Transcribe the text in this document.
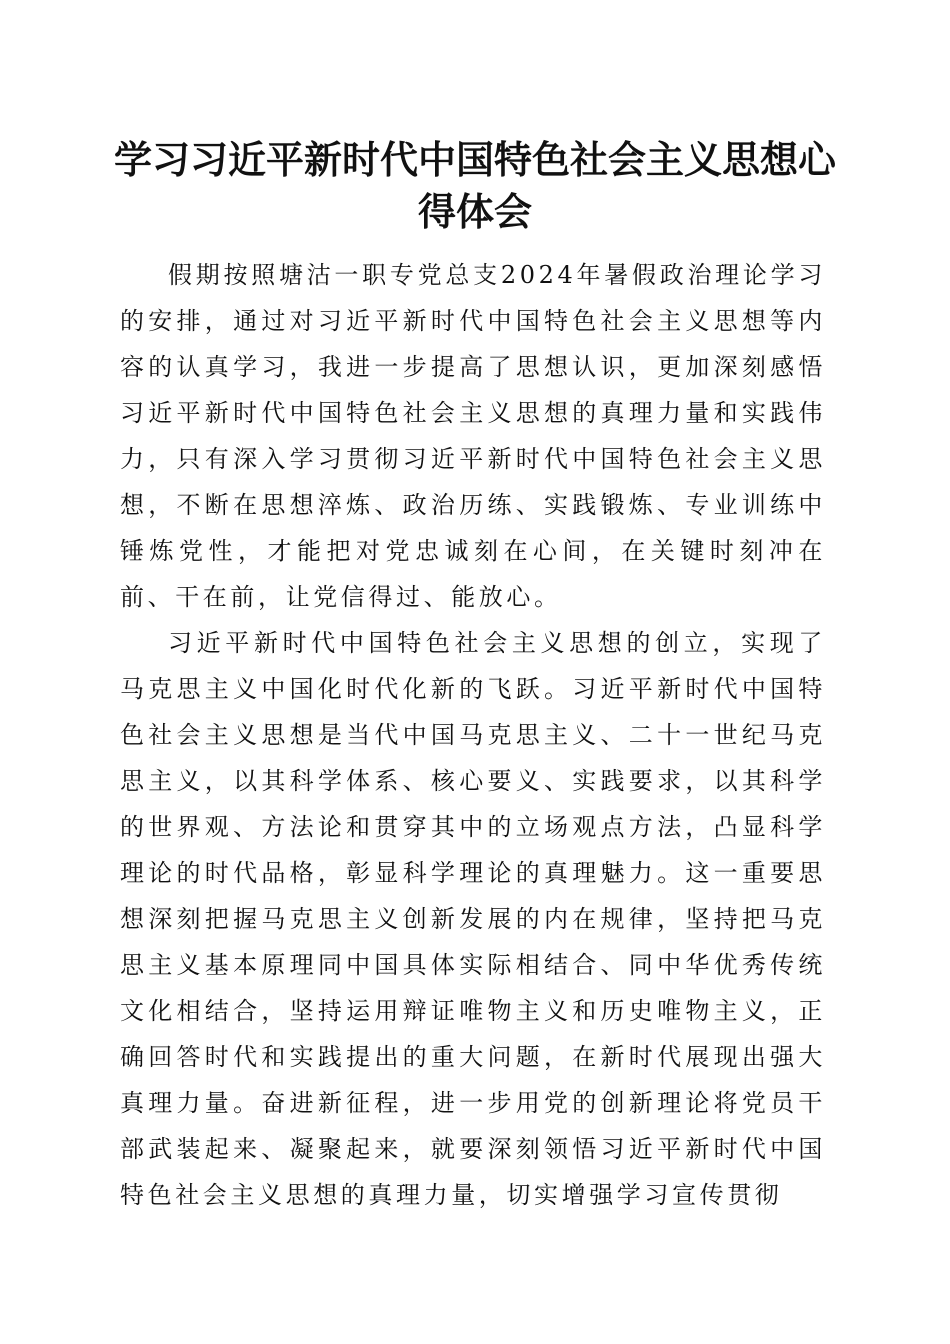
学习习近平新时代中国特色社会主义思想心得体会

假期按照塘沽一职专党总支2024年暑假政治理论学习的安排，通过对习近平新时代中国特色社会主义思想等内容的认真学习，我进一步提高了思想认识，更加深刻感悟习近平新时代中国特色社会主义思想的真理力量和实践伟力，只有深入学习贯彻习近平新时代中国特色社会主义思想，不断在思想淬炼、政治历练、实践锻炼、专业训练中锤炼党性，才能把对党忠诚刻在心间，在关键时刻冲在前、干在前，让党信得过、能放心。

习近平新时代中国特色社会主义思想的创立，实现了马克思主义中国化时代化新的飞跃。习近平新时代中国特色社会主义思想是当代中国马克思主义、二十一世纪马克思主义，以其科学体系、核心要义、实践要求，以其科学的世界观、方法论和贯穿其中的立场观点方法，凸显科学理论的时代品格，彰显科学理论的真理魅力。这一重要思想深刻把握马克思主义创新发展的内在规律，坚持把马克思主义基本原理同中国具体实际相结合、同中华优秀传统文化相结合，坚持运用辩证唯物主义和历史唯物主义，正确回答时代和实践提出的重大问题，在新时代展现出强大真理力量。奋进新征程，进一步用党的创新理论将党员干部武装起来、凝聚起来，就要深刻领悟习近平新时代中国特色社会主义思想的真理力量，切实增强学习宣传贯彻
